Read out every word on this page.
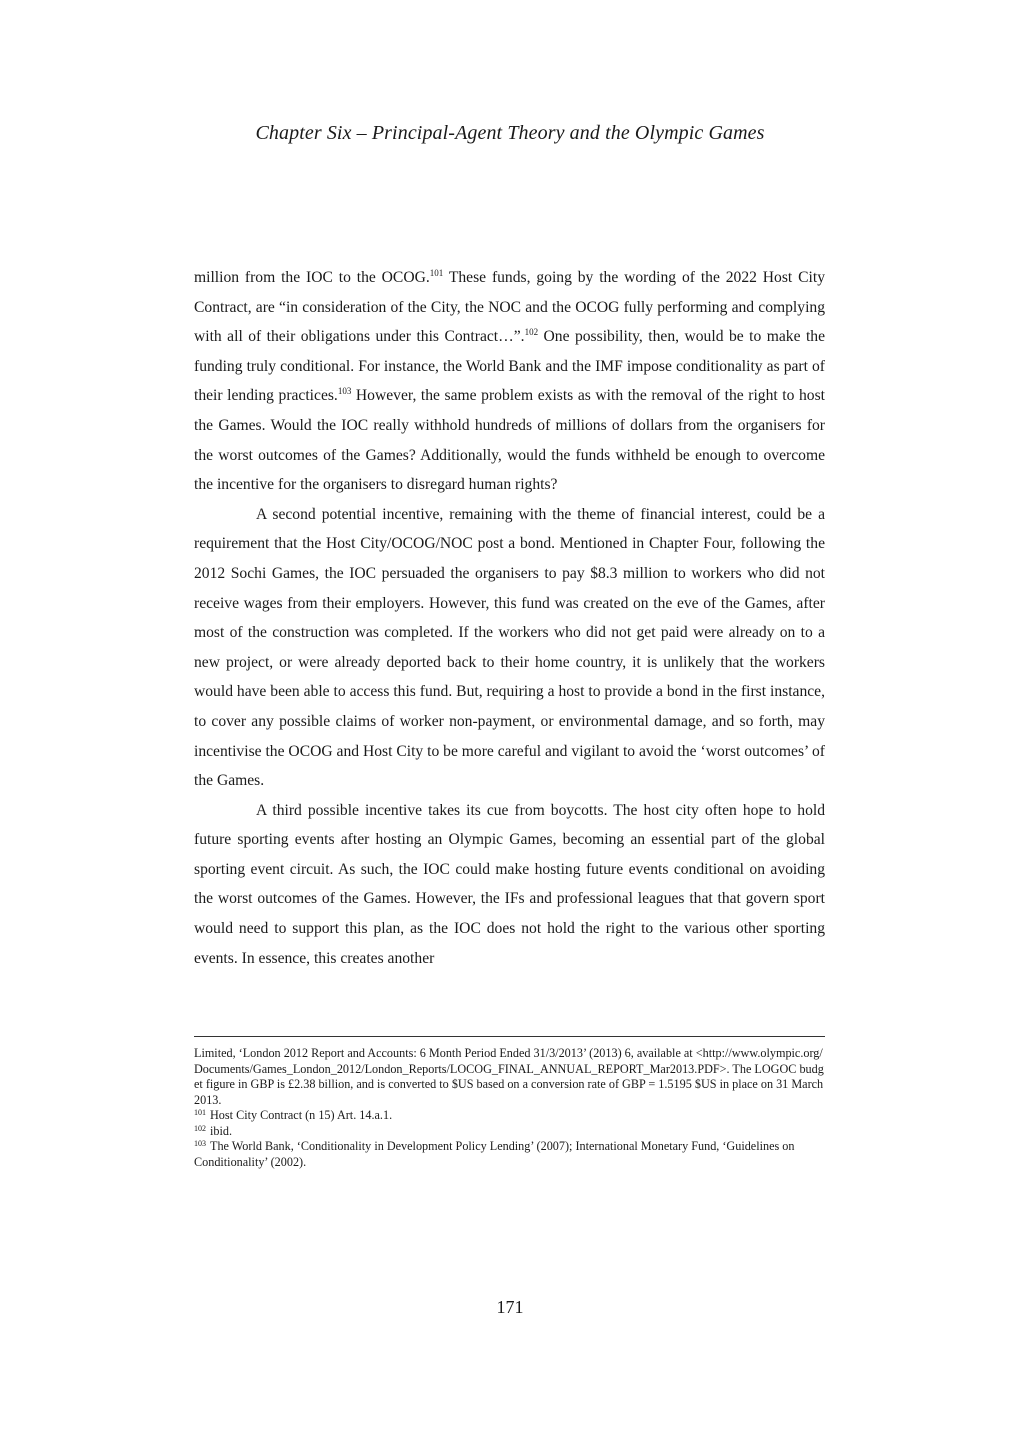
Chapter Six – Principal-Agent Theory and the Olympic Games

million from the IOC to the OCOG.$^{101}$ These funds, going by the wording of the 2022 Host City Contract, are “in consideration of the City, the NOC and the OCOG fully performing and complying with all of their obligations under this Contract…”.$^{102}$ One possibility, then, would be to make the funding truly conditional. For instance, the World Bank and the IMF impose conditionality as part of their lending practices.$^{103}$ However, the same problem exists as with the removal of the right to host the Games. Would the IOC really withhold hundreds of millions of dollars from the organisers for the worst outcomes of the Games? Additionally, would the funds withheld be enough to overcome the incentive for the organisers to disregard human rights?

A second potential incentive, remaining with the theme of financial interest, could be a requirement that the Host City/OCOG/NOC post a bond. Mentioned in Chapter Four, following the 2012 Sochi Games, the IOC persuaded the organisers to pay $8.3 million to workers who did not receive wages from their employers. However, this fund was created on the eve of the Games, after most of the construction was completed. If the workers who did not get paid were already on to a new project, or were already deported back to their home country, it is unlikely that the workers would have been able to access this fund. But, requiring a host to provide a bond in the first instance, to cover any possible claims of worker non-payment, or environmental damage, and so forth, may incentivise the OCOG and Host City to be more careful and vigilant to avoid the ‘worst outcomes’ of the Games.

A third possible incentive takes its cue from boycotts. The host city often hope to hold future sporting events after hosting an Olympic Games, becoming an essential part of the global sporting event circuit. As such, the IOC could make hosting future events conditional on avoiding the worst outcomes of the Games. However, the IFs and professional leagues that that govern sport would need to support this plan, as the IOC does not hold the right to the various other sporting events. In essence, this creates another

Limited, ‘London 2012 Report and Accounts: 6 Month Period Ended 31/3/2013’ (2013) 6, available at <http://www.olympic.org/Documents/Games_London_2012/London_Reports/LOCOG_FINAL_ANNUAL_REPORT_Mar2013.PDF>. The LOGOC budget figure in GBP is £2.38 billion, and is converted to $US based on a conversion rate of GBP = 1.5195 $US in place on 31 March 2013.

$^{101}$ Host City Contract (n 15) Art. 14.a.1.

$^{102}$ ibid.

$^{103}$ The World Bank, ‘Conditionality in Development Policy Lending’ (2007); International Monetary Fund, ‘Guidelines on Conditionality’ (2002).

171
